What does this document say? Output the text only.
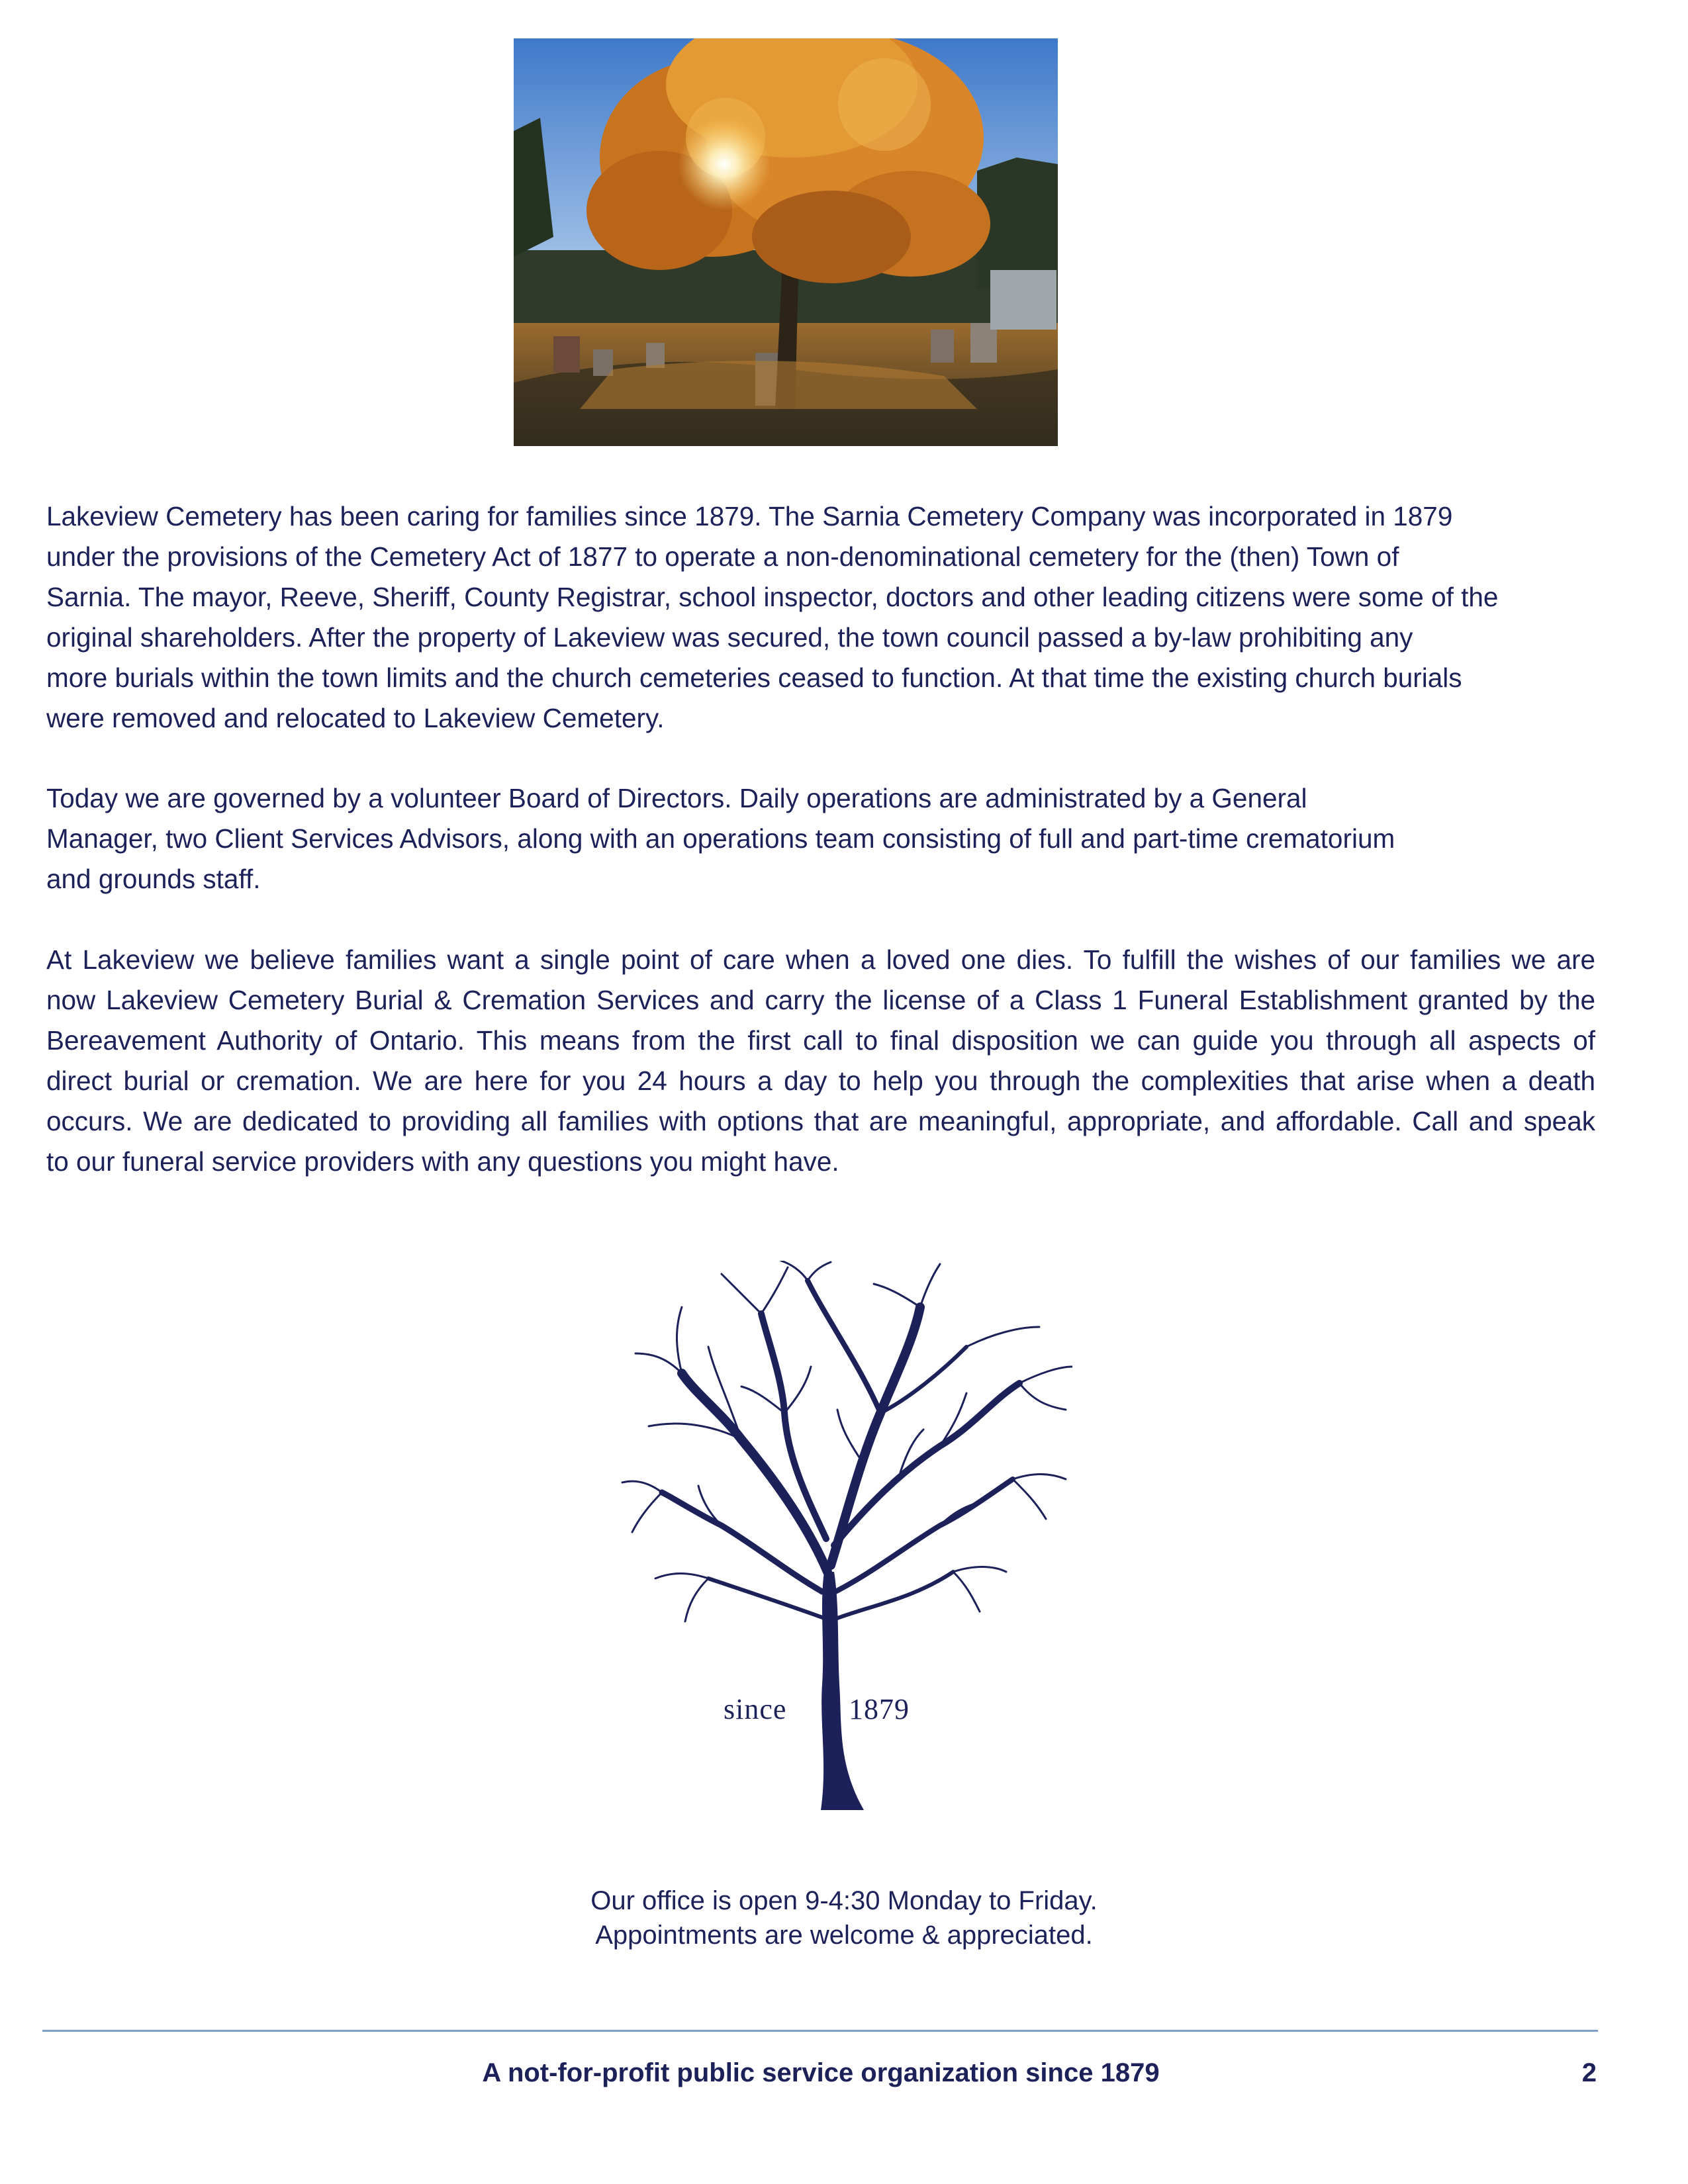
Lakeview Cemetery has been caring for families since 1879. The Sarnia Cemetery Company was incorporated in 1879
under the provisions of the Cemetery Act of 1877 to operate a non-denominational cemetery for the (then) Town of
Sarnia. The mayor, Reeve, Sheriff, County Registrar, school inspector, doctors and other leading citizens were some of the
original shareholders. After the property of Lakeview was secured, the town council passed a by-law prohibiting any
more burials within the town limits and the church cemeteries ceased to function. At that time the existing church burials
were removed and relocated to Lakeview Cemetery.

Today we are governed by a volunteer Board of Directors. Daily operations are administrated by a General
Manager, two Client Services Advisors, along with an operations team consisting of full and part-time crematorium
and grounds staff.

At Lakeview we believe families want a single point of care when a loved one dies. To fulfill the wishes of our families we are
now Lakeview Cemetery Burial & Cremation Services and carry the license of a Class 1 Funeral Establishment granted by the
Bereavement Authority of Ontario. This means from the first call to final disposition we can guide you through all aspects of
direct burial or cremation. We are here for you 24 hours a day to help you through the complexities that arise when a death
occurs. We are dedicated to providing all families with options that are meaningful, appropriate, and affordable. Call and speak
to our funeral service providers with any questions you might have.

since 1879
Our office is open 9-4:30 Monday to Friday.
Appointments are welcome & appreciated.
A not-for-profit public service organization since 1879	2
